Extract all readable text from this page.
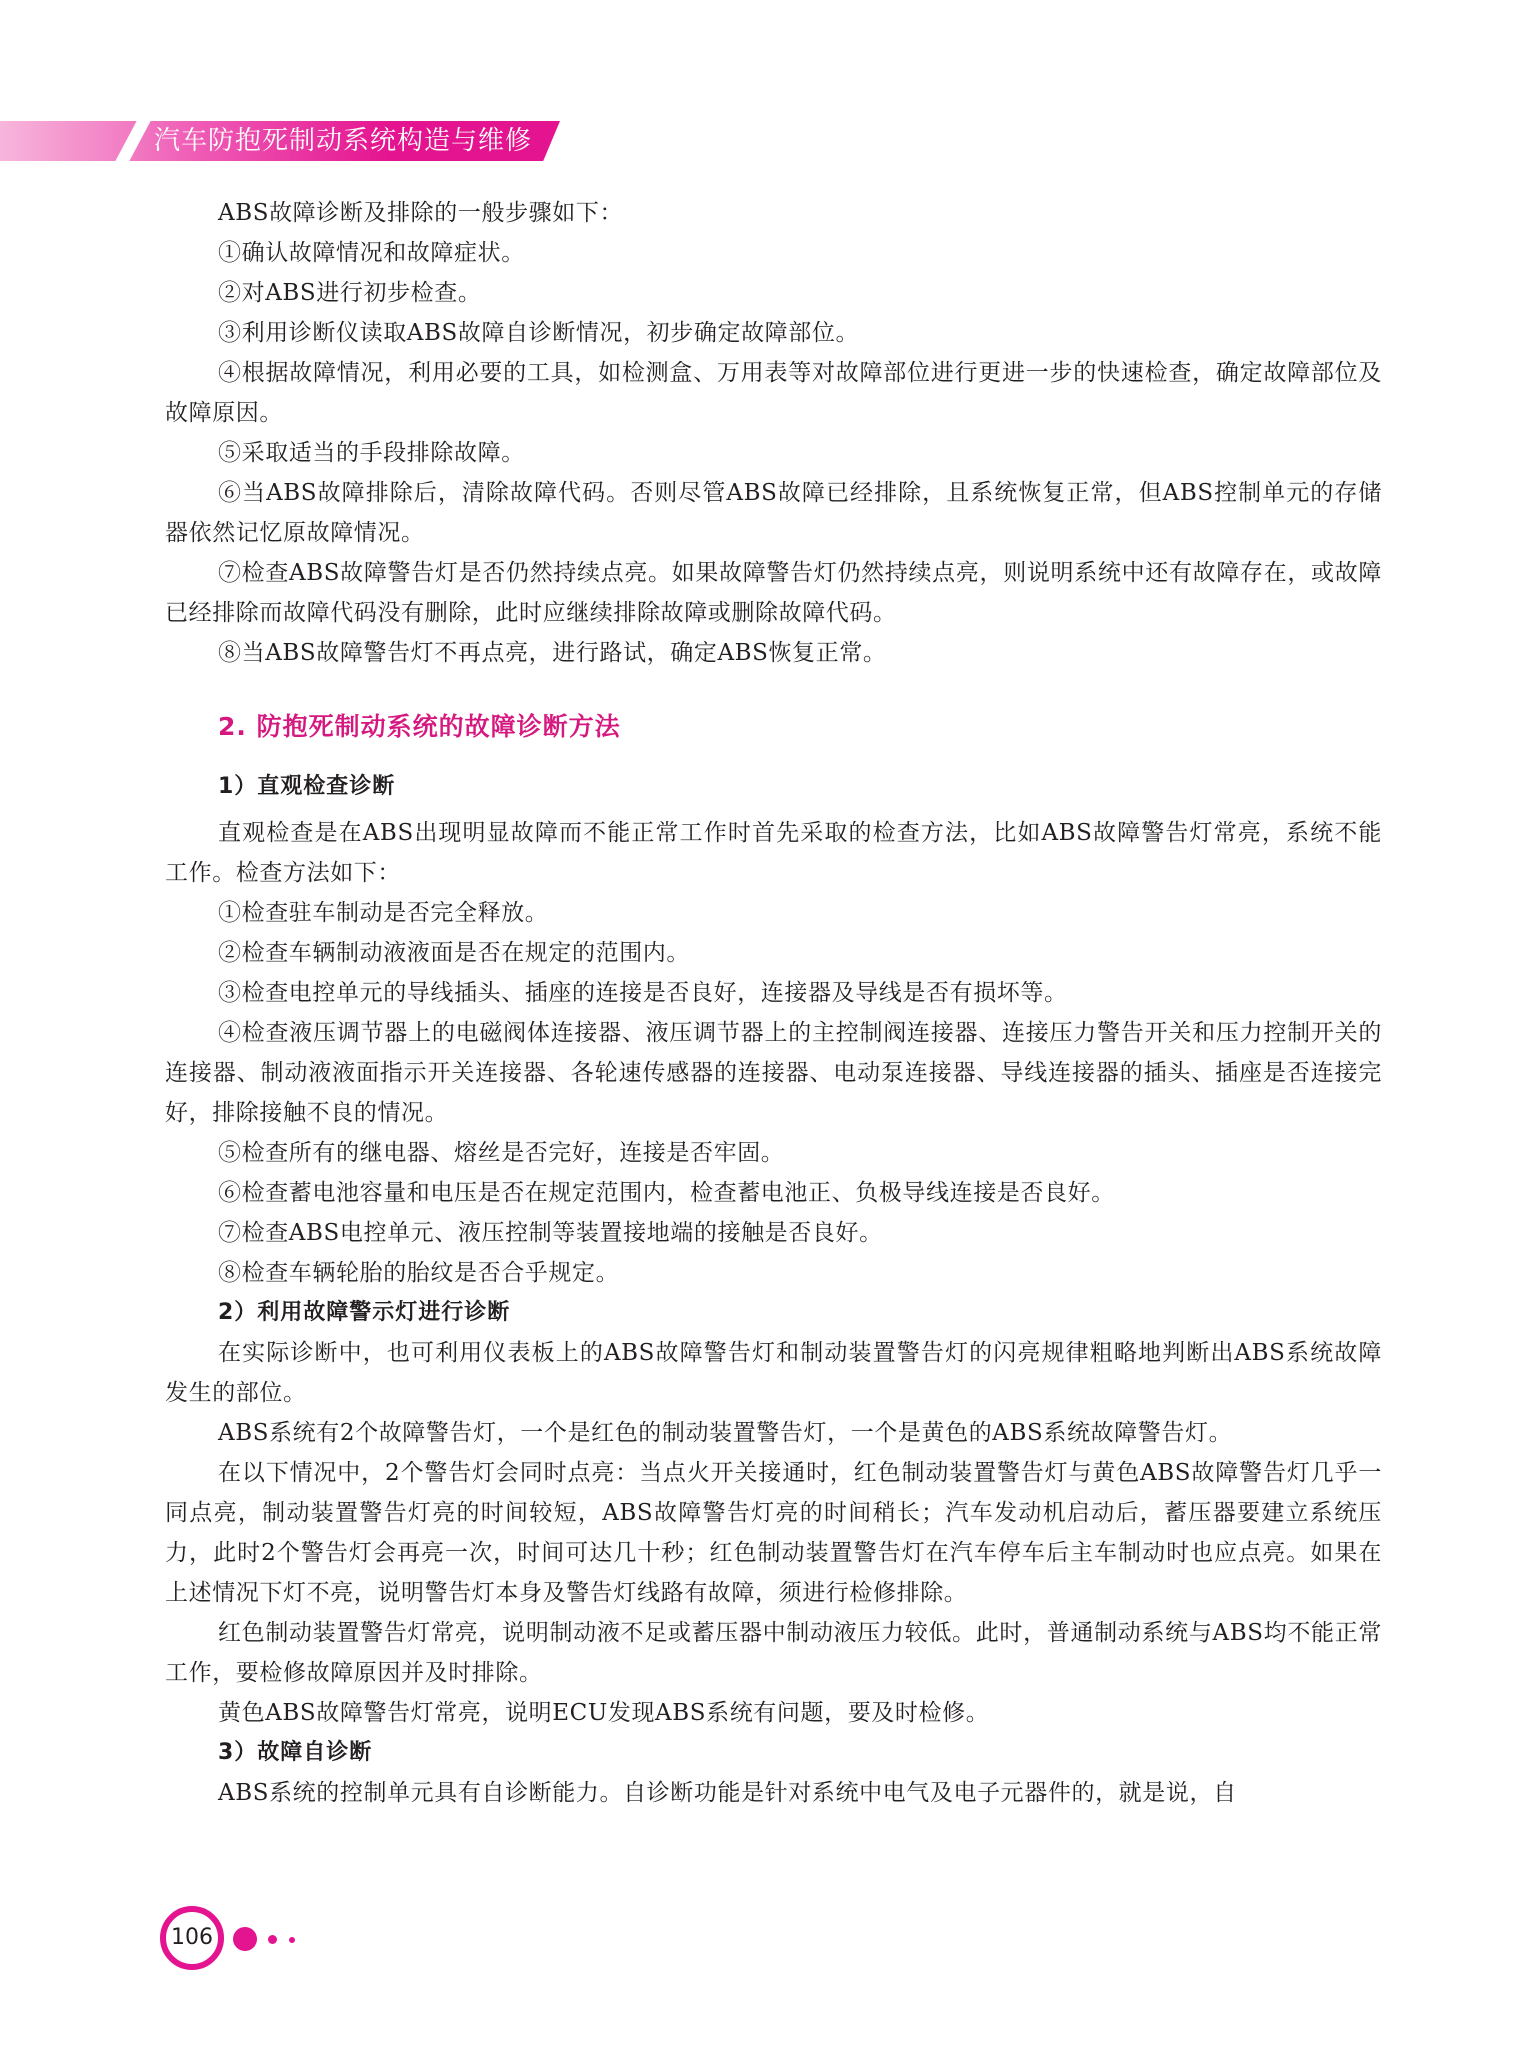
汽车防抱死制动系统构造与维修

ABS故障诊断及排除的一般步骤如下：

①确认故障情况和故障症状。

②对ABS进行初步检查。

③利用诊断仪读取ABS故障自诊断情况，初步确定故障部位。

④根据故障情况，利用必要的工具，如检测盒、万用表等对故障部位进行更进一步的快速检查，确定故障部位及故障原因。

⑤采取适当的手段排除故障。

⑥当ABS故障排除后，清除故障代码。否则尽管ABS故障已经排除，且系统恢复正常，但ABS控制单元的存储器依然记忆原故障情况。

⑦检查ABS故障警告灯是否仍然持续点亮。如果故障警告灯仍然持续点亮，则说明系统中还有故障存在，或故障已经排除而故障代码没有删除，此时应继续排除故障或删除故障代码。

⑧当ABS故障警告灯不再点亮，进行路试，确定ABS恢复正常。

2. 防抱死制动系统的故障诊断方法
1）直观检查诊断

直观检查是在ABS出现明显故障而不能正常工作时首先采取的检查方法，比如ABS故障警告灯常亮，系统不能工作。检查方法如下：

①检查驻车制动是否完全释放。

②检查车辆制动液液面是否在规定的范围内。

③检查电控单元的导线插头、插座的连接是否良好，连接器及导线是否有损坏等。

④检查液压调节器上的电磁阀体连接器、液压调节器上的主控制阀连接器、连接压力警告开关和压力控制开关的连接器、制动液液面指示开关连接器、各轮速传感器的连接器、电动泵连接器、导线连接器的插头、插座是否连接完好，排除接触不良的情况。

⑤检查所有的继电器、熔丝是否完好，连接是否牢固。

⑥检查蓄电池容量和电压是否在规定范围内，检查蓄电池正、负极导线连接是否良好。

⑦检查ABS电控单元、液压控制等装置接地端的接触是否良好。

⑧检查车辆轮胎的胎纹是否合乎规定。

2）利用故障警示灯进行诊断

在实际诊断中，也可利用仪表板上的ABS故障警告灯和制动装置警告灯的闪亮规律粗略地判断出ABS系统故障发生的部位。

ABS系统有2个故障警告灯，一个是红色的制动装置警告灯，一个是黄色的ABS系统故障警告灯。

在以下情况中，2个警告灯会同时点亮：当点火开关接通时，红色制动装置警告灯与黄色ABS故障警告灯几乎一同点亮，制动装置警告灯亮的时间较短，ABS故障警告灯亮的时间稍长；汽车发动机启动后，蓄压器要建立系统压力，此时2个警告灯会再亮一次，时间可达几十秒；红色制动装置警告灯在汽车停车后主车制动时也应点亮。如果在上述情况下灯不亮，说明警告灯本身及警告灯线路有故障，须进行检修排除。

红色制动装置警告灯常亮，说明制动液不足或蓄压器中制动液压力较低。此时，普通制动系统与ABS均不能正常工作，要检修故障原因并及时排除。

黄色ABS故障警告灯常亮，说明ECU发现ABS系统有问题，要及时检修。

3）故障自诊断

ABS系统的控制单元具有自诊断能力。自诊断功能是针对系统中电气及电子元器件的，就是说，自

106
